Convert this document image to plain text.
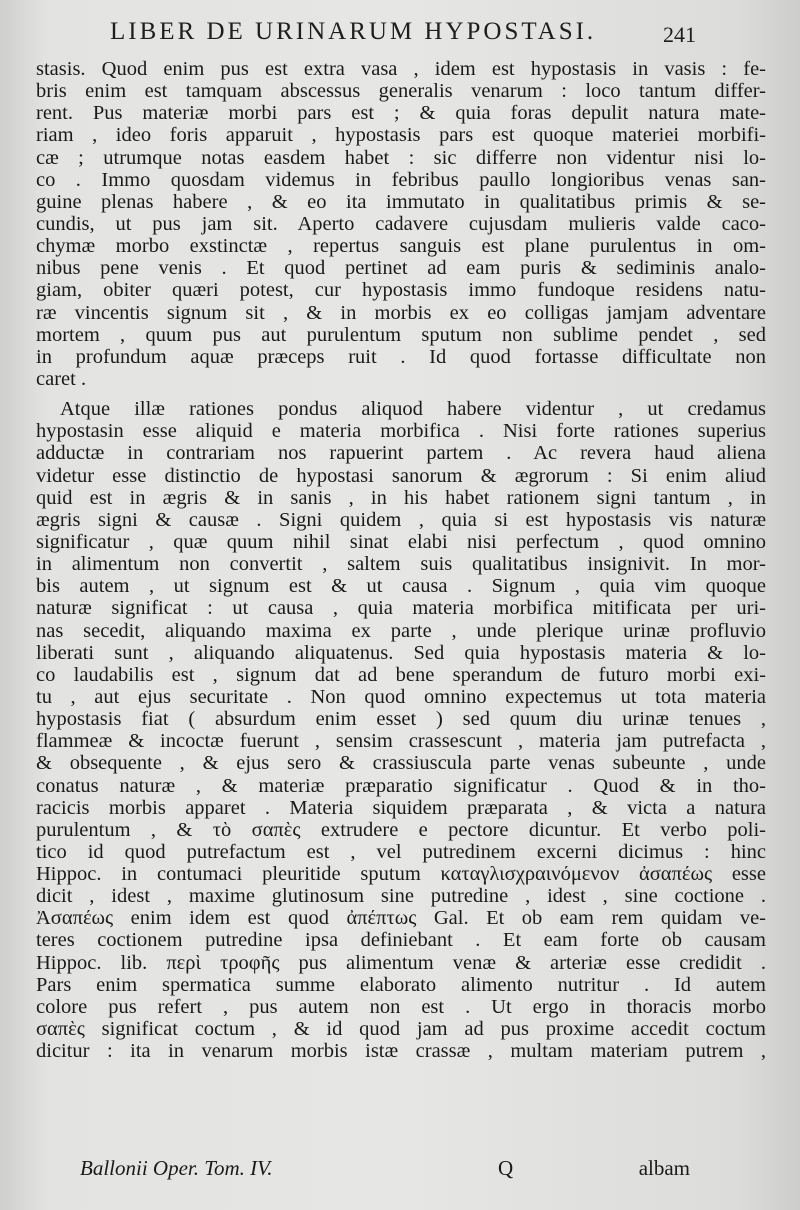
LIBER DE URINARUM HYPOSTASI.	241
stasis. Quod enim pus est extra vasa , idem est hypostasis in vasis : fe-
bris enim est tamquam abscessus generalis venarum : loco tantum differ-
rent. Pus materiæ morbi pars est ; & quia foras depulit natura mate-
riam , ideo foris apparuit , hypostasis pars est quoque materiei morbifi-
cæ ; utrumque notas easdem habet : sic differre non videntur nisi lo-
co . Immo quosdam videmus in febribus paullo longioribus venas san-
guine plenas habere , & eo ita immutato in qualitatibus primis & se-
cundis, ut pus jam sit. Aperto cadavere cujusdam mulieris valde caco-
chymæ morbo exstinctæ , repertus sanguis est plane purulentus in om-
nibus pene venis . Et quod pertinet ad eam puris & sediminis analo-
giam, obiter quæri potest, cur hypostasis immo fundoque residens natu-
ræ vincentis signum sit , & in morbis ex eo colligas jamjam adventare
mortem , quum pus aut purulentum sputum non sublime pendet , sed
in profundum aquæ præceps ruit . Id quod fortasse difficultate non
caret .
Atque illæ rationes pondus aliquod habere videntur , ut credamus
hypostasin esse aliquid e materia morbifica . Nisi forte rationes superius
adductæ in contrariam nos rapuerint partem . Ac revera haud aliena
videtur esse distinctio de hypostasi sanorum & ægrorum : Si enim aliud
quid est in ægris & in sanis , in his habet rationem signi tantum , in
ægris signi & causæ . Signi quidem , quia si est hypostasis vis naturæ
significatur , quæ quum nihil sinat elabi nisi perfectum , quod omnino
in alimentum non convertit , saltem suis qualitatibus insignivit. In mor-
bis autem , ut signum est & ut causa . Signum , quia vim quoque
naturæ significat : ut causa , quia materia morbifica mitificata per uri-
nas secedit, aliquando maxima ex parte , unde plerique urinæ profluvio
liberati sunt , aliquando aliquatenus. Sed quia hypostasis materia & lo-
co laudabilis est , signum dat ad bene sperandum de futuro morbi exi-
tu , aut ejus securitate . Non quod omnino expectemus ut tota materia
hypostasis fiat ( absurdum enim esset ) sed quum diu urinæ tenues ,
flammeæ & incoctæ fuerunt , sensim crassescunt , materia jam putrefacta ,
& obsequente , & ejus sero & crassiuscula parte venas subeunte , unde
conatus naturæ , & materiæ præparatio significatur . Quod & in tho-
racicis morbis apparet . Materia siquidem præparata , & victa a natura
purulentum , & τὸ σαπὲς extrudere e pectore dicuntur. Et verbo poli-
tico id quod putrefactum est , vel putredinem excerni dicimus : hinc
Hippoc. in contumaci pleuritide sputum καταγλισχραινόμενον ἀσαπέως esse
dicit , idest , maxime glutinosum sine putredine , idest , sine coctione .
Ἀσαπέως enim idem est quod ἀπέπτως Gal. Et ob eam rem quidam ve-
teres coctionem putredine ipsa definiebant . Et eam forte ob causam
Hippoc. lib. περὶ τροφῆς pus alimentum venæ & arteriæ esse credidit .
Pars enim spermatica summe elaborato alimento nutritur . Id autem
colore pus refert , pus autem non est . Ut ergo in thoracis morbo
σαπὲς significat coctum , & id quod jam ad pus proxime accedit coctum
dicitur : ita in venarum morbis istæ crassæ , multam materiam putrem ,
Ballonii Oper. Tom. IV.	Q	albam
